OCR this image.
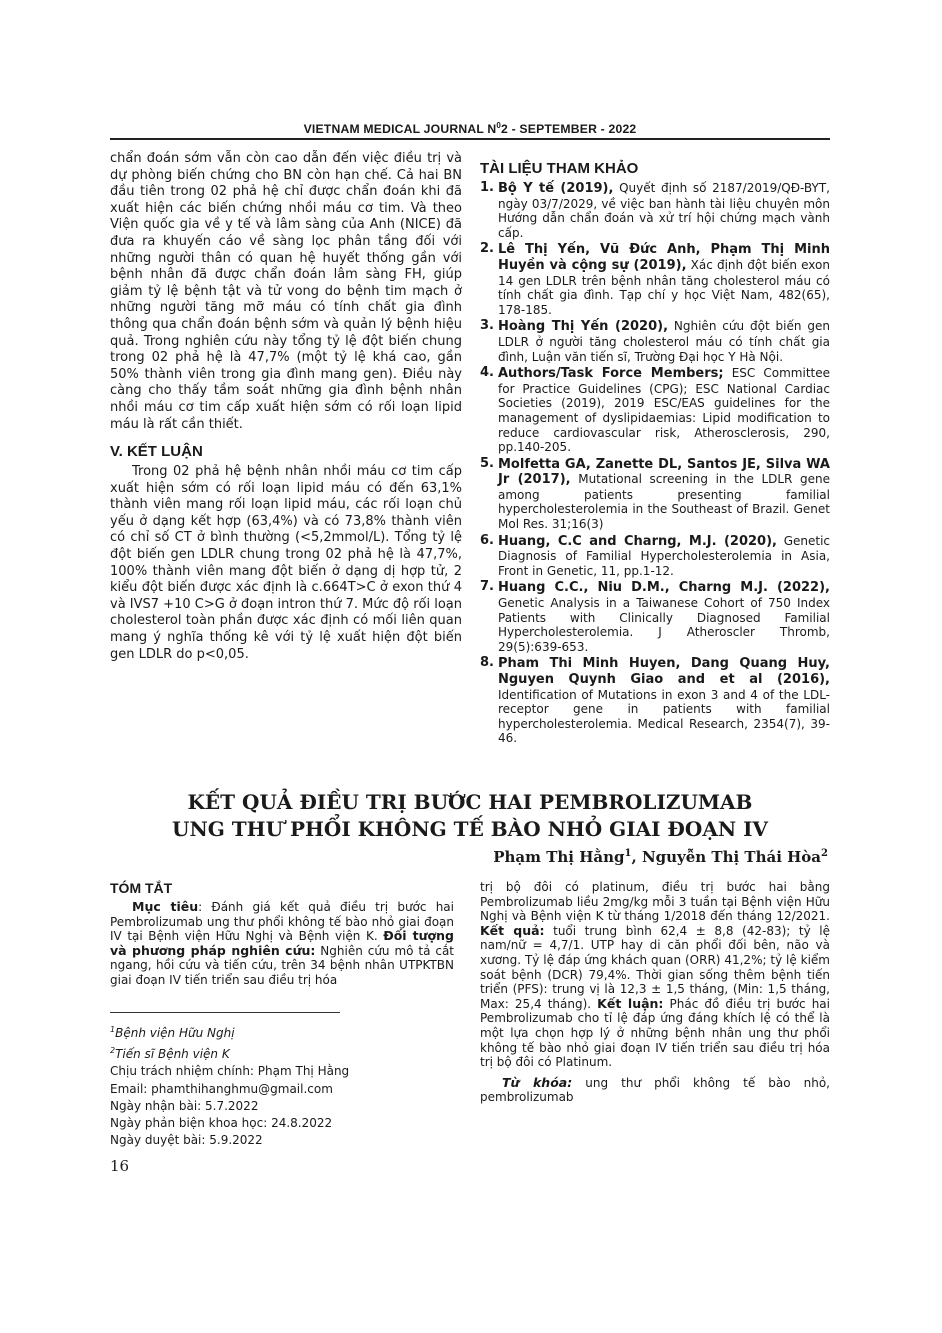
VIETNAM MEDICAL JOURNAL $N^02$ - SEPTEMBER - 2022

chẩn đoán sớm vẫn còn cao dẫn đến việc điều trị và dự phòng biến chứng cho BN còn hạn chế. Cả hai BN đầu tiên trong 02 phả hệ chỉ được chẩn đoán khi đã xuất hiện các biến chứng nhồi máu cơ tim. Và theo Viện quốc gia về y tế và lâm sàng của Anh (NICE) đã đưa ra khuyến cáo về sàng lọc phân tầng đối với những người thân có quan hệ huyết thống gần với bệnh nhân đã được chẩn đoán lâm sàng FH, giúp giảm tỷ lệ bệnh tật và tử vong do bệnh tim mạch ở những người tăng mỡ máu có tính chất gia đình thông qua chẩn đoán bệnh sớm và quản lý bệnh hiệu quả. Trong nghiên cứu này tổng tỷ lệ đột biến chung trong 02 phả hệ là 47,7% (một tỷ lệ khá cao, gần 50% thành viên trong gia đình mang gen). Điều này càng cho thấy tầm soát những gia đình bệnh nhân nhồi máu cơ tim cấp xuất hiện sớm có rối loạn lipid máu là rất cần thiết.

V. KẾT LUẬN

Trong 02 phả hệ bệnh nhân nhồi máu cơ tim cấp xuất hiện sớm có rối loạn lipid máu có đến 63,1% thành viên mang rối loạn lipid máu, các rối loạn chủ yếu ở dạng kết hợp (63,4%) và có 73,8% thành viên có chỉ số CT ở bình thường (<5,2mmol/L). Tổng tỷ lệ đột biến gen LDLR chung trong 02 phả hệ là 47,7%, 100% thành viên mang đột biến ở dạng dị hợp tử, 2 kiểu đột biến được xác định là c.664T>C ở exon thứ 4 và IVS7 +10 C>G ở đoạn intron thứ 7. Mức độ rối loạn cholesterol toàn phần được xác định có mối liên quan mang ý nghĩa thống kê với tỷ lệ xuất hiện đột biến gen LDLR do p<0,05.

TÀI LIỆU THAM KHẢO
1. Bộ Y tế (2019), Quyết định số 2187/2019/QĐ-BYT, ngày 03/7/2029, về việc ban hành tài liệu chuyên môn Hướng dẫn chẩn đoán và xử trí hội chứng mạch vành cấp.
2. Lê Thị Yến, Vũ Đức Anh, Phạm Thị Minh Huyền và cộng sự (2019), Xác định đột biến exon 14 gen LDLR trên bệnh nhân tăng cholesterol máu có tính chất gia đình. Tạp chí y học Việt Nam, 482(65), 178-185.
3. Hoàng Thị Yến (2020), Nghiên cứu đột biến gen LDLR ở người tăng cholesterol máu có tính chất gia đình, Luận văn tiến sĩ, Trường Đại học Y Hà Nội.
4. Authors/Task Force Members; ESC Committee for Practice Guidelines (CPG); ESC National Cardiac Societies (2019), 2019 ESC/EAS guidelines for the management of dyslipidaemias: Lipid modification to reduce cardiovascular risk, Atherosclerosis, 290, pp.140-205.
5. Molfetta GA, Zanette DL, Santos JE, Silva WA Jr (2017), Mutational screening in the LDLR gene among patients presenting familial hypercholesterolemia in the Southeast of Brazil. Genet Mol Res. 31;16(3)
6. Huang, C.C and Charng, M.J. (2020), Genetic Diagnosis of Familial Hypercholesterolemia in Asia, Front in Genetic, 11, pp.1-12.
7. Huang C.C., Niu D.M., Charng M.J. (2022), Genetic Analysis in a Taiwanese Cohort of 750 Index Patients with Clinically Diagnosed Familial Hypercholesterolemia. J Atheroscler Thromb, 29(5):639-653.
8. Pham Thi Minh Huyen, Dang Quang Huy, Nguyen Quynh Giao and et al (2016), Identification of Mutations in exon 3 and 4 of the LDL-receptor gene in patients with familial hypercholesterolemia. Medical Research, 2354(7), 39-46.
KẾT QUẢ ĐIỀU TRỊ BƯỚC HAI PEMBROLIZUMAB
UNG THƯ PHỔI KHÔNG TẾ BÀO NHỎ GIAI ĐOẠN IV
Phạm Thị Hằng$^1$, Nguyễn Thị Thái Hòa$^2$
TÓM TẮT

Mục tiêu: Đánh giá kết quả điều trị bước hai Pembrolizumab ung thư phổi không tế bào nhỏ giai đoạn IV tại Bệnh viện Hữu Nghị và Bệnh viện K. Đối tượng và phương pháp nghiên cứu: Nghiên cứu mô tả cắt ngang, hồi cứu và tiến cứu, trên 34 bệnh nhân UTPKTBN giai đoạn IV tiến triển sau điều trị hóa

trị bộ đôi có platinum, điều trị bước hai bằng Pembrolizumab liều 2mg/kg mỗi 3 tuần tại Bệnh viện Hữu Nghị và Bệnh viện K từ tháng 1/2018 đến tháng 12/2021. Kết quả: tuổi trung bình 62,4 ± 8,8 (42-83); tỷ lệ nam/nữ = 4,7/1. UTP hay di căn phổi đối bên, não và xương. Tỷ lệ đáp ứng khách quan (ORR) 41,2%; tỷ lệ kiểm soát bệnh (DCR) 79,4%. Thời gian sống thêm bệnh tiến triển (PFS): trung vị là 12,3 ± 1,5 tháng, (Min: 1,5 tháng, Max: 25,4 tháng). Kết luận: Phác đồ điều trị bước hai Pembrolizumab cho tỉ lệ đáp ứng đáng khích lệ có thể là một lựa chọn hợp lý ở những bệnh nhân ung thư phổi không tế bào nhỏ giai đoạn IV tiến triển sau điều trị hóa trị bộ đôi có Platinum.

Từ khóa: ung thư phổi không tế bào nhỏ, pembrolizumab

$^1$Bệnh viện Hữu Nghị
$^2$Tiến sĩ Bệnh viện K
Chịu trách nhiệm chính: Phạm Thị Hằng
Email: phamthihanghmu@gmail.com
Ngày nhận bài: 5.7.2022
Ngày phản biện khoa học: 24.8.2022
Ngày duyệt bài: 5.9.2022
16
